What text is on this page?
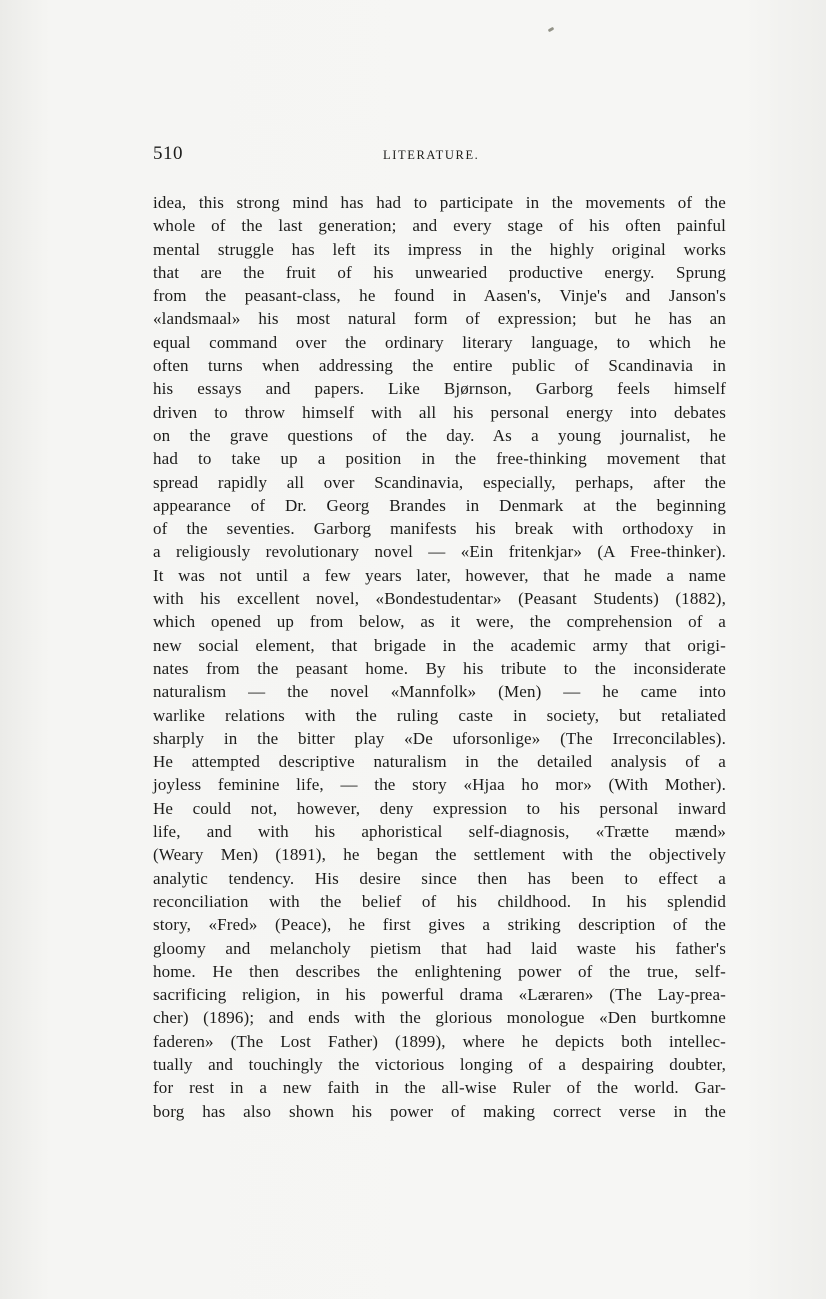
510	LITERATURE.
idea, this strong mind has had to participate in the movements of the
whole of the last generation; and every stage of his often painful
mental struggle has left its impress in the highly original works
that are the fruit of his unwearied productive energy. Sprung
from the peasant-class, he found in Aasen's, Vinje's and Janson's
«landsmaal» his most natural form of expression; but he has an
equal command over the ordinary literary language, to which he
often turns when addressing the entire public of Scandinavia in
his essays and papers. Like Bjørnson, Garborg feels himself
driven to throw himself with all his personal energy into debates
on the grave questions of the day. As a young journalist, he
had to take up a position in the free-thinking movement that
spread rapidly all over Scandinavia, especially, perhaps, after the
appearance of Dr. Georg Brandes in Denmark at the beginning
of the seventies. Garborg manifests his break with orthodoxy in
a religiously revolutionary novel — «Ein fritenkjar» (A Free-thinker).
It was not until a few years later, however, that he made a name
with his excellent novel, «Bondestudentar» (Peasant Students) (1882),
which opened up from below, as it were, the comprehension of a
new social element, that brigade in the academic army that origi-
nates from the peasant home. By his tribute to the inconsiderate
naturalism — the novel «Mannfolk» (Men) — he came into
warlike relations with the ruling caste in society, but retaliated
sharply in the bitter play «De uforsonlige» (The Irreconcilables).
He attempted descriptive naturalism in the detailed analysis of a
joyless feminine life, — the story «Hjaa ho mor» (With Mother).
He could not, however, deny expression to his personal inward
life, and with his aphoristical self-diagnosis, «Trætte mænd»
(Weary Men) (1891), he began the settlement with the objectively
analytic tendency. His desire since then has been to effect a
reconciliation with the belief of his childhood. In his splendid
story, «Fred» (Peace), he first gives a striking description of the
gloomy and melancholy pietism that had laid waste his father's
home. He then describes the enlightening power of the true, self-
sacrificing religion, in his powerful drama «Læraren» (The Lay-prea-
cher) (1896); and ends with the glorious monologue «Den burtkomne
faderen» (The Lost Father) (1899), where he depicts both intellec-
tually and touchingly the victorious longing of a despairing doubter,
for rest in a new faith in the all-wise Ruler of the world. Gar-
borg has also shown his power of making correct verse in the
